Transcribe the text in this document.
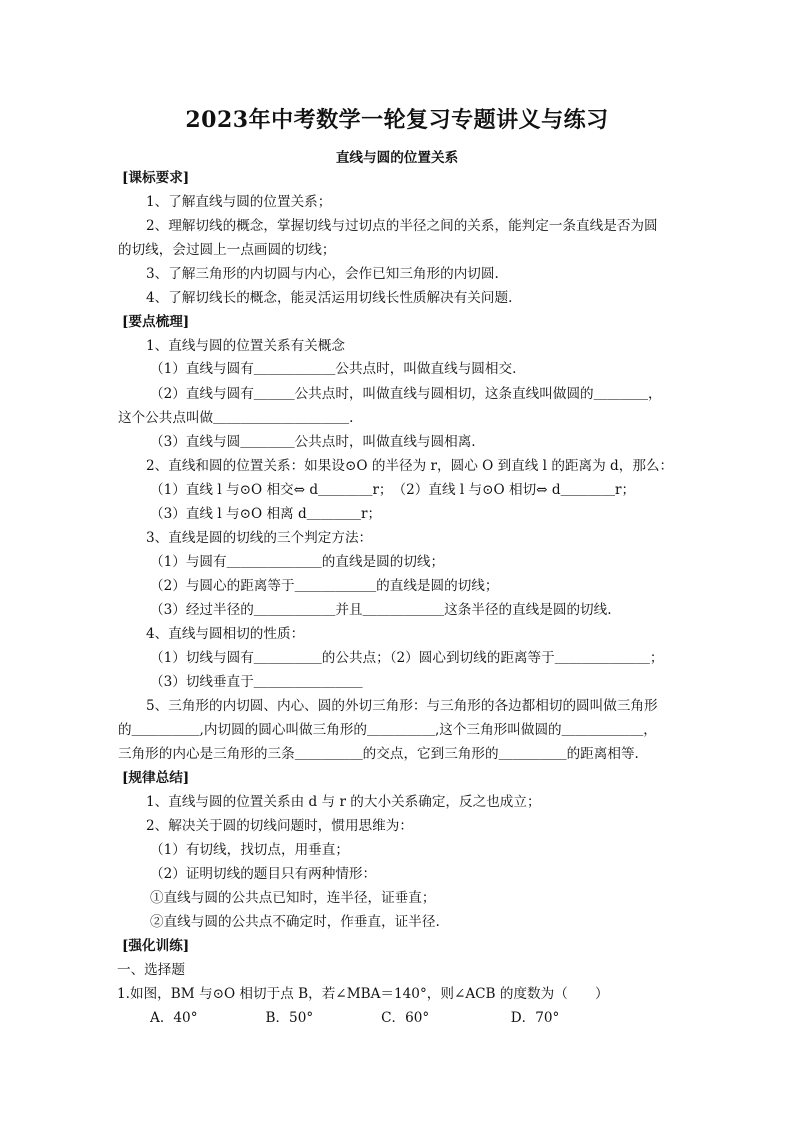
2023年中考数学一轮复习专题讲义与练习
直线与圆的位置关系
[课标要求]
1、了解直线与圆的位置关系；
2、理解切线的概念，掌握切线与过切点的半径之间的关系，能判定一条直线是否为圆
的切线，会过圆上一点画圆的切线；
3、了解三角形的内切圆与内心，会作已知三角形的内切圆.
4、了解切线长的概念，能灵活运用切线长性质解决有关问题.
[要点梳理]
1、直线与圆的位置关系有关概念
（1）直线与圆有＿＿＿＿＿＿公共点时，叫做直线与圆相交.
（2）直线与圆有＿＿＿公共点时，叫做直线与圆相切，这条直线叫做圆的＿＿＿＿，
这个公共点叫做＿＿＿＿＿＿＿＿＿＿.
（3）直线与圆＿＿＿＿公共点时，叫做直线与圆相离.
2、直线和圆的位置关系：如果设⊙O 的半径为 r，圆心 O 到直线 l 的距离为 d，那么：
（1）直线 l 与⊙O 相交⇔ d＿＿＿＿r；　（2）直线 l 与⊙O 相切⇔ d＿＿＿＿r；
（3）直线 l 与⊙O 相离 d＿＿＿＿r；
3、直线是圆的切线的三个判定方法：
（1）与圆有＿＿＿＿＿＿＿的直线是圆的切线；
（2）与圆心的距离等于＿＿＿＿＿＿的直线是圆的切线；
（3）经过半径的＿＿＿＿＿＿并且＿＿＿＿＿＿这条半径的直线是圆的切线.
4、直线与圆相切的性质：
（1）切线与圆有＿＿＿＿＿的公共点；（2）圆心到切线的距离等于＿＿＿＿＿＿＿；
（3）切线垂直于＿＿＿＿＿＿＿＿
5、三角形的内切圆、内心、圆的外切三角形：与三角形的各边都相切的圆叫做三角形
的＿＿＿＿＿,内切圆的圆心叫做三角形的＿＿＿＿＿,这个三角形叫做圆的＿＿＿＿＿＿，
三角形的内心是三角形的三条＿＿＿＿＿的交点，它到三角形的＿＿＿＿＿的距离相等.
[规律总结]
1、直线与圆的位置关系由 d 与 r 的大小关系确定，反之也成立；
2、解决关于圆的切线问题时，惯用思维为：
（1）有切线，找切点，用垂直；
（2）证明切线的题目只有两种情形：
①直线与圆的公共点已知时，连半径，证垂直；
②直线与圆的公共点不确定时，作垂直，证半径.
[强化训练]
一、选择题
1.如图，BM 与⊙O 相切于点 B，若∠MBA＝140°，则∠ACB 的度数为（　　）
A．40°　　　　　B．50°　　　　　C．60°　　　　　　D．70°
